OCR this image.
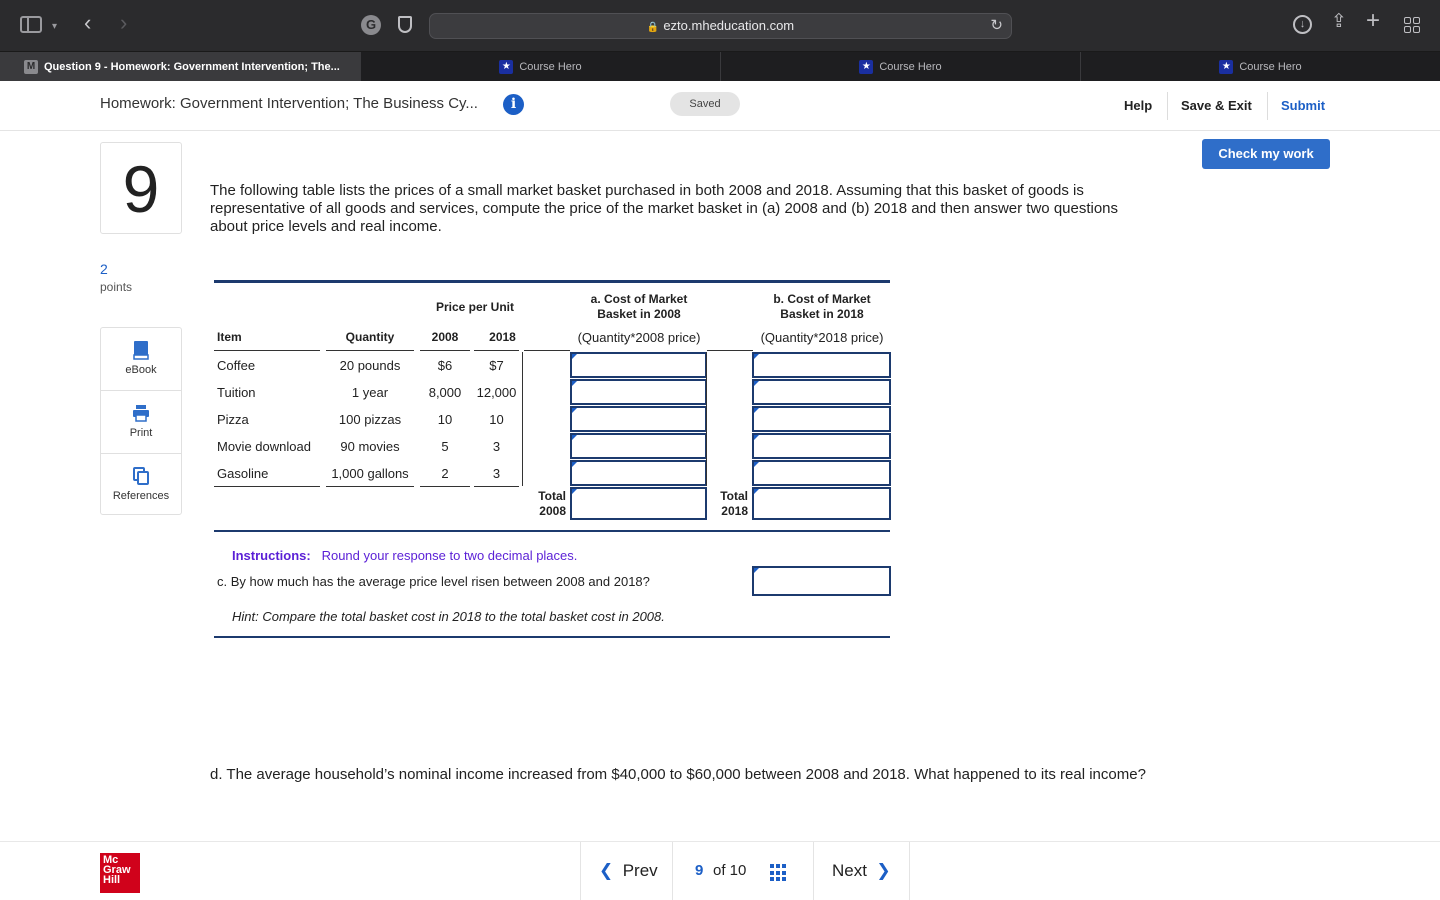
▾ ‹ ›	G	🔒 ezto.mheducation.com	↻	↓	⇪ +
M Question 9 - Homework: Government Intervention; The...	★ Course Hero	★ Course Hero	★ Course Hero
Homework: Government Intervention; The Business Cy...	i	Saved	Help Save & Exit Submit
Check my work
9	The following table lists the prices of a small market basket purchased in both 2008 and 2018. Assuming that this basket of goods is representative of all goods and services, compute the price of the market basket in (a) 2008 and (b) 2018 and then answer two questions about price levels and real income.
2
points
eBook
Print
References
Price per Unit
a. Cost of Market Basket in 2008
b. Cost of Market Basket in 2018
Item	Quantity	2008	2018	(Quantity*2008 price)	(Quantity*2018 price)
Coffee	20 pounds	$6	$7
Tuition	1 year	8,000	12,000
Pizza	100 pizzas	10	10
Movie download	90 movies	5	3
Gasoline	1,000 gallons	2	3
Total 2008
Total 2018
Instructions: Round your response to two decimal places.
c. By how much has the average price level risen between 2008 and 2018?
Hint: Compare the total basket cost in 2018 to the total basket cost in 2008.
d. The average household’s nominal income increased from $40,000 to $60,000 between 2008 and 2018. What happened to its real income?
Mc Graw Hill	❮ Prev 9 of 10	Next ❯
